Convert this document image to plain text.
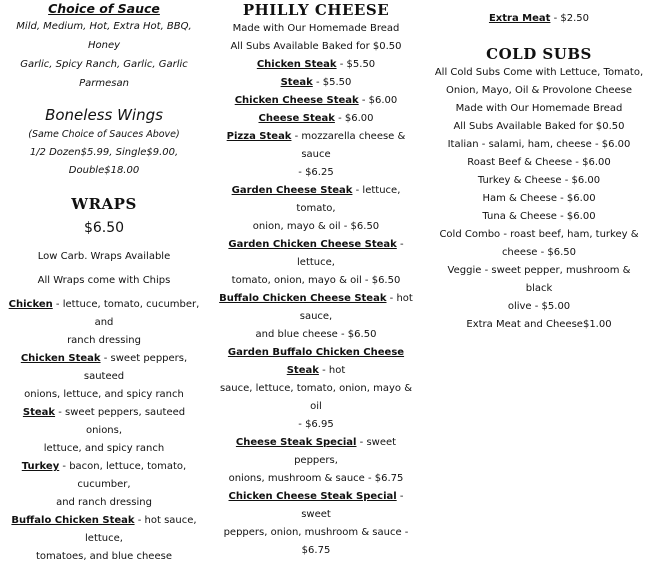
Choice of Sauce
Mild, Medium, Hot, Extra Hot, BBQ, Honey
Garlic, Spicy Ranch, Garlic, Garlic Parmesan
Boneless Wings
(Same Choice of Sauces Above)
1/2 Dozen$5.99, Single$9.00,
Double$18.00
WRAPS
$6.50
Low Carb. Wraps Available
All Wraps come with Chips
Chicken - lettuce, tomato, cucumber, and
ranch dressing
Chicken Steak - sweet peppers, sauteed
onions, lettuce, and spicy ranch
Steak - sweet peppers, sauteed onions,
lettuce, and spicy ranch
Turkey - bacon, lettuce, tomato, cucumber,
and ranch dressing
Buffalo Chicken Steak - hot sauce, lettuce,
tomatoes, and blue cheese
PHILLY CHEESE
Made with Our Homemade Bread
All Subs Available Baked for $0.50
Chicken Steak - $5.50
Steak - $5.50
Chicken Cheese Steak - $6.00
Cheese Steak - $6.00
Pizza Steak - mozzarella cheese & sauce
- $6.25
Garden Cheese Steak - lettuce, tomato,
onion, mayo & oil - $6.50
Garden Chicken Cheese Steak - lettuce,
tomato, onion, mayo & oil - $6.50
Buffalo Chicken Cheese Steak - hot sauce,
and blue cheese - $6.50
Garden Buffalo Chicken Cheese Steak - hot
sauce, lettuce, tomato, onion, mayo & oil
- $6.95
Cheese Steak Special - sweet peppers,
onions, mushroom & sauce - $6.75
Chicken Cheese Steak Special - sweet
peppers, onion, mushroom & sauce - $6.75
Extra Meat - $2.50
COLD SUBS
All Cold Subs Come with Lettuce, Tomato,
Onion, Mayo, Oil & Provolone Cheese
Made with Our Homemade Bread
All Subs Available Baked for $0.50
Italian - salami, ham, cheese - $6.00
Roast Beef & Cheese - $6.00
Turkey & Cheese - $6.00
Ham & Cheese - $6.00
Tuna & Cheese - $6.00
Cold Combo - roast beef, ham, turkey &
cheese - $6.50
Veggie - sweet pepper, mushroom & black
olive - $5.00
Extra Meat and Cheese$1.00
